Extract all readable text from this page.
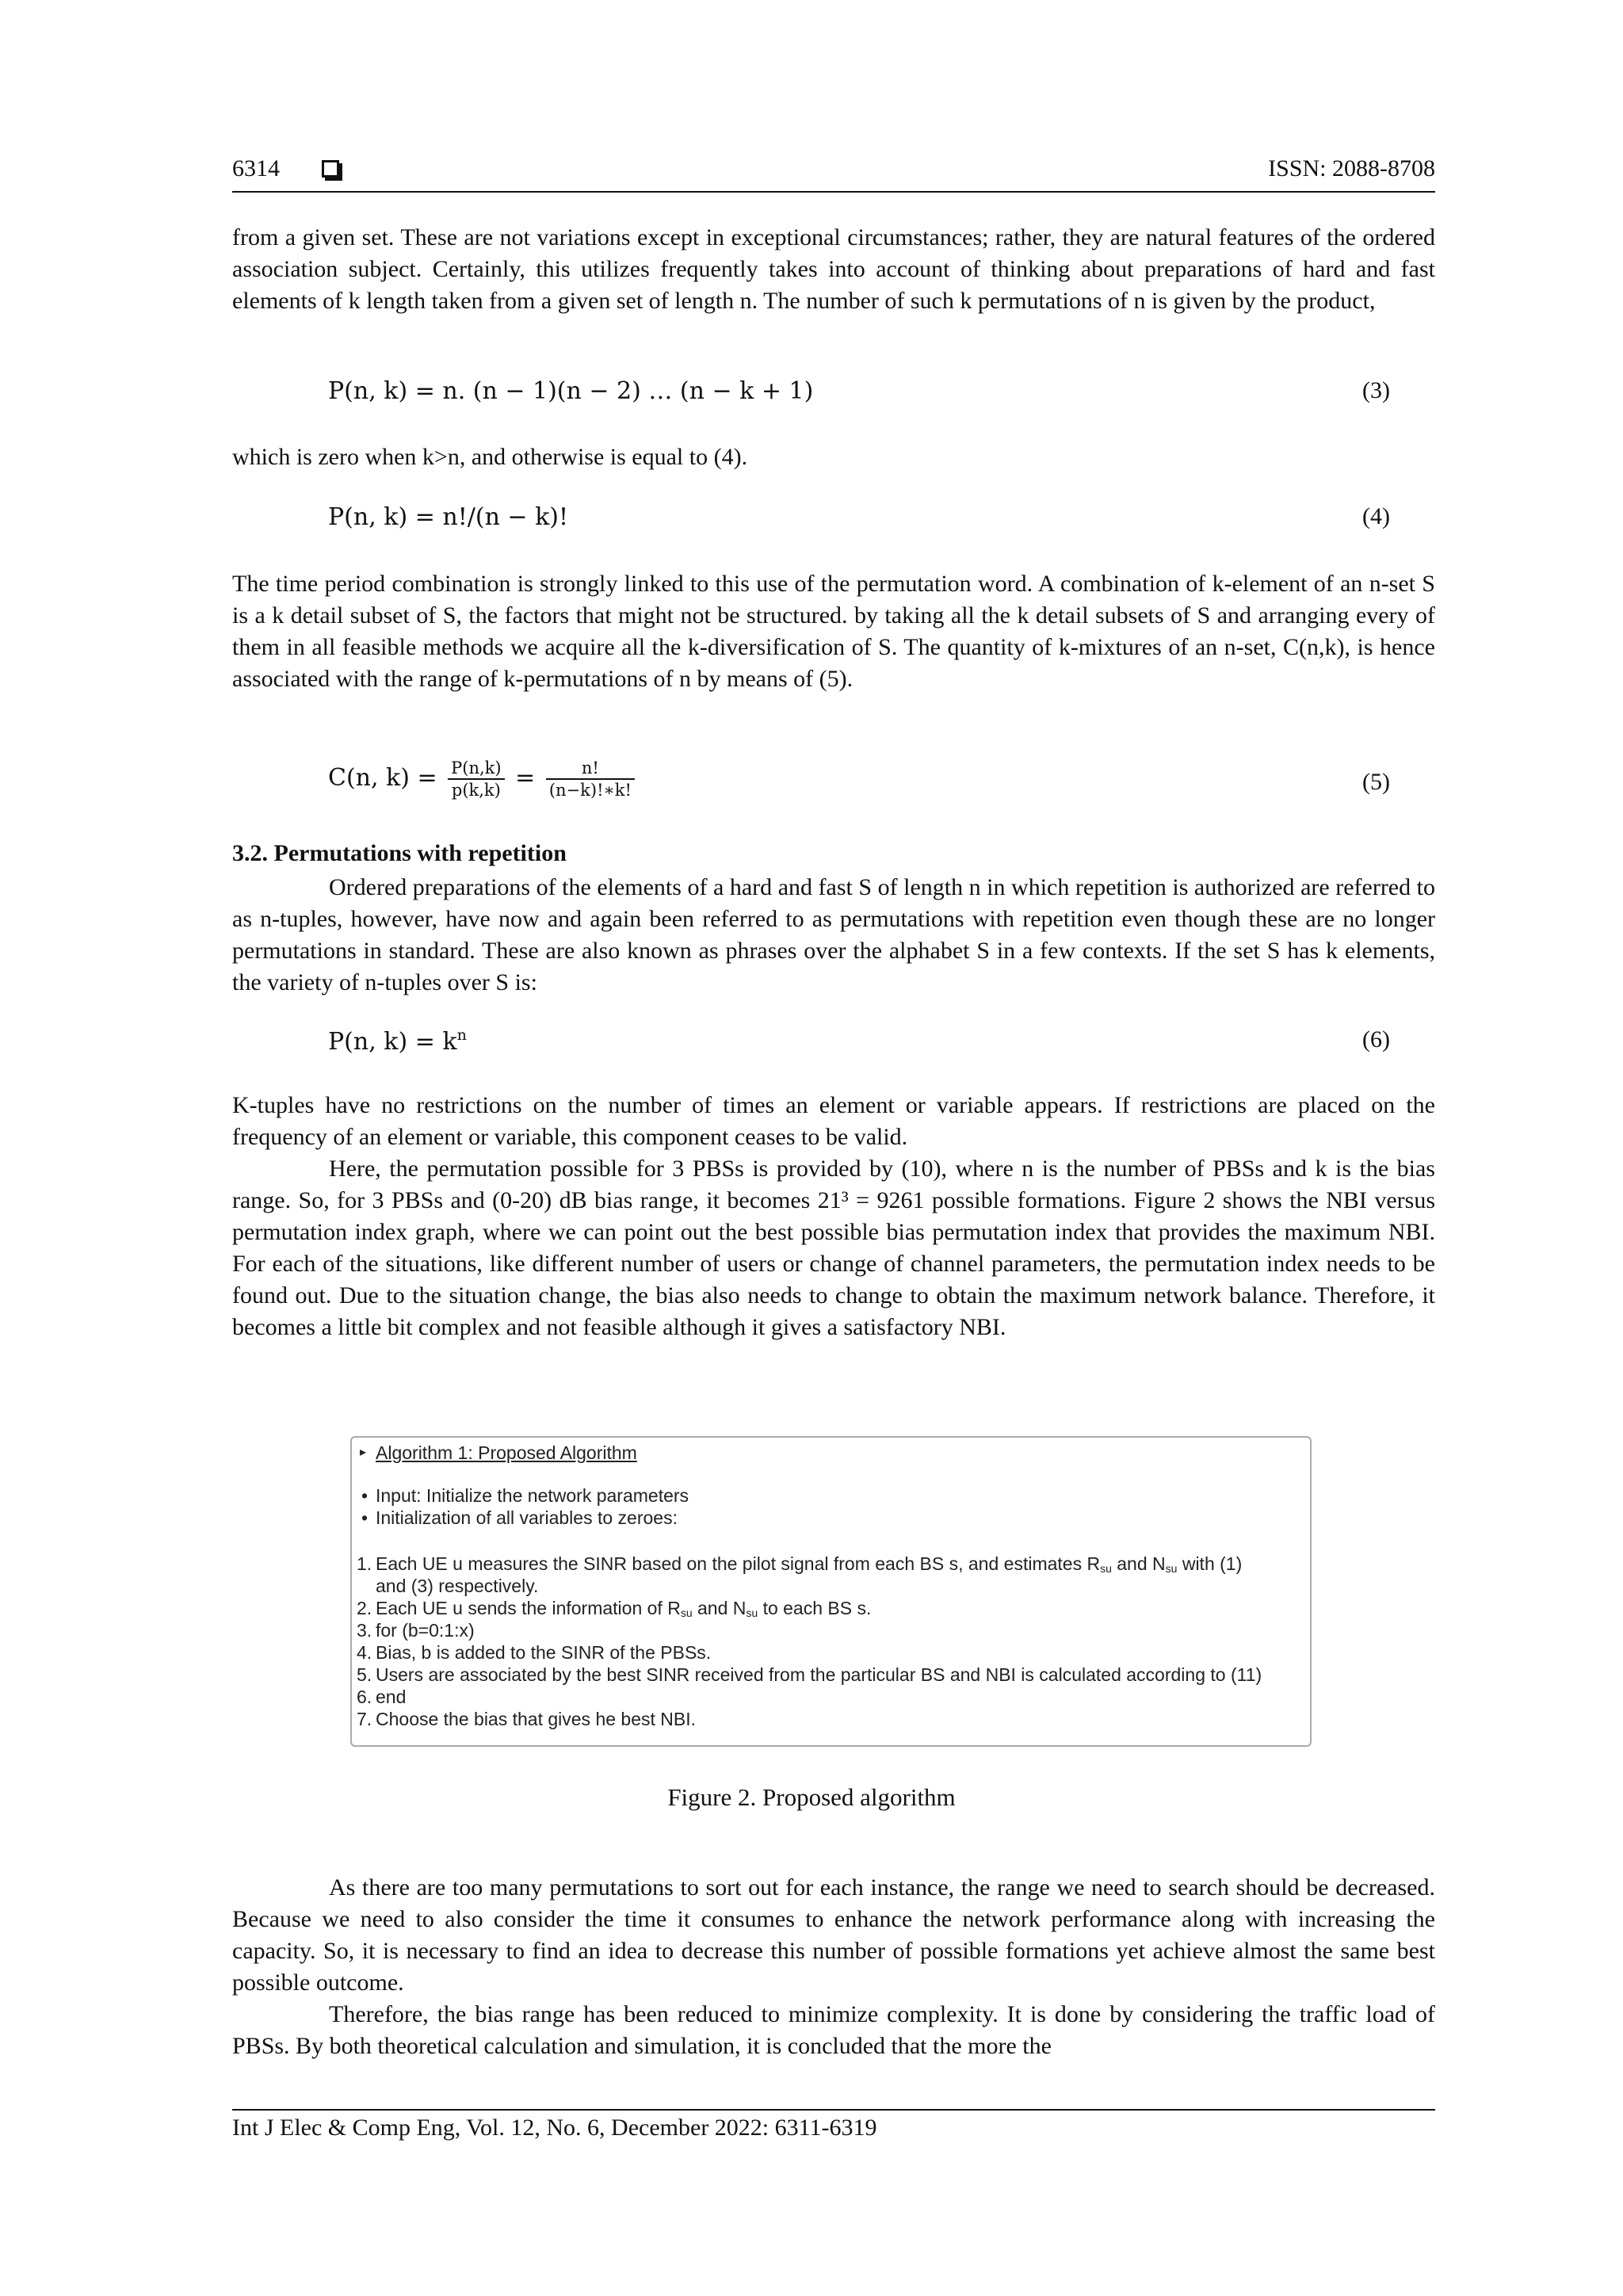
6314	ISSN: 2088-8708

from a given set. These are not variations except in exceptional circumstances; rather, they are natural features of the ordered association subject. Certainly, this utilizes frequently takes into account of thinking about preparations of hard and fast elements of k length taken from a given set of length n. The number of such k permutations of n is given by the product,

P(n, k) = n. (n − 1)(n − 2) … (n − k + 1)	(3)

which is zero when k>n, and otherwise is equal to (4).

P(n, k) = n!/(n − k)!	(4)

The time period combination is strongly linked to this use of the permutation word. A combination of k-element of an n-set S is a k detail subset of S, the factors that might not be structured. by taking all the k detail subsets of S and arranging every of them in all feasible methods we acquire all the k-diversification of S. The quantity of k-mixtures of an n-set, C(n,k), is hence associated with the range of k-permutations of n by means of (5).

C(n, $k) = \frac{P(n,k)}{p(k,k)} = \frac{n!}{(n-k)!∗k!}$	(5)
3.2. Permutations with repetition

Ordered preparations of the elements of a hard and fast S of length n in which repetition is authorized are referred to as n-tuples, however, have now and again been referred to as permutations with repetition even though these are no longer permutations in standard. These are also known as phrases over the alphabet S in a few contexts. If the set S has k elements, the variety of n-tuples over S is:

P(n, $k) = k^n$	(6)

K-tuples have no restrictions on the number of times an element or variable appears. If restrictions are placed on the frequency of an element or variable, this component ceases to be valid.

Here, the permutation possible for 3 PBSs is provided by (10), where n is the number of PBSs and k is the bias range. So, for 3 PBSs and (0-20) dB bias range, it becomes 21³ = 9261 possible formations. Figure 2 shows the NBI versus permutation index graph, where we can point out the best possible bias permutation index that provides the maximum NBI. For each of the situations, like different number of users or change of channel parameters, the permutation index needs to be found out. Due to the situation change, the bias also needs to change to obtain the maximum network balance. Therefore, it becomes a little bit complex and not feasible although it gives a satisfactory NBI.

▸ Algorithm 1: Proposed Algorithm
• Input: Initialize the network parameters
• Initialization of all variables to zeroes:
1. Each UE u measures the SINR based on the pilot signal from each BS s, and estimates $R_{su}$ and $N_{su}$ with (1)
and (3) respectively.
2. Each UE u sends the information of $R_{su}$ and $N_{su}$ to each BS s.
3. for (b=0:1:x)
4. Bias, b is added to the SINR of the PBSs.
5. Users are associated by the best SINR received from the particular BS and NBI is calculated according to (11)
6. end
7. Choose the bias that gives he best NBI.
Figure 2. Proposed algorithm

As there are too many permutations to sort out for each instance, the range we need to search should be decreased. Because we need to also consider the time it consumes to enhance the network performance along with increasing the capacity. So, it is necessary to find an idea to decrease this number of possible formations yet achieve almost the same best possible outcome.

Therefore, the bias range has been reduced to minimize complexity. It is done by considering the traffic load of PBSs. By both theoretical calculation and simulation, it is concluded that the more the

Int J Elec & Comp Eng, Vol. 12, No. 6, December 2022: 6311-6319
